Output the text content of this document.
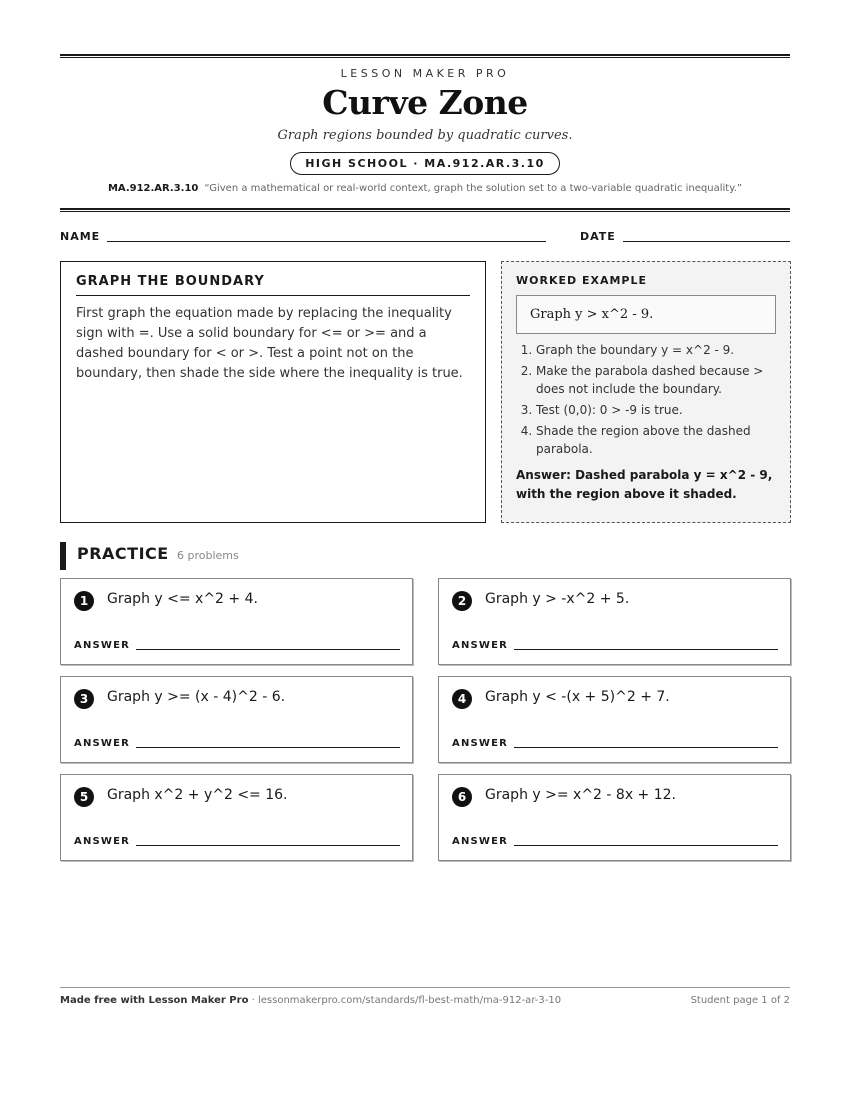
LESSON MAKER PRO
Curve Zone
Graph regions bounded by quadratic curves.
HIGH SCHOOL · MA.912.AR.3.10
MA.912.AR.3.10 “Given a mathematical or real-world context, graph the solution set to a two-variable quadratic inequality.”
NAME	DATE
GRAPH THE BOUNDARY
First graph the equation made by replacing the inequality sign with =. Use a solid boundary for <= or >= and a dashed boundary for < or >. Test a point not on the boundary, then shade the side where the inequality is true.
WORKED EXAMPLE
Graph y > x^2 - 9.
1. Graph the boundary y = x^2 - 9.
2. Make the parabola dashed because > does not include the boundary.
3. Test (0,0): 0 > -9 is true.
4. Shade the region above the dashed parabola.
Answer: Dashed parabola y = x^2 - 9, with the region above it shaded.
PRACTICE 6 problems
1	Graph y <= x^2 + 4.
ANSWER
2	Graph y > -x^2 + 5.
ANSWER
3	Graph y >= (x - 4)^2 - 6.
ANSWER
4	Graph y < -(x + 5)^2 + 7.
ANSWER
5	Graph x^2 + y^2 <= 16.
ANSWER
6	Graph y >= x^2 - 8x + 12.
ANSWER
Made free with Lesson Maker Pro · lessonmakerpro.com/standards/fl-best-math/ma-912-ar-3-10	Student page 1 of 2
